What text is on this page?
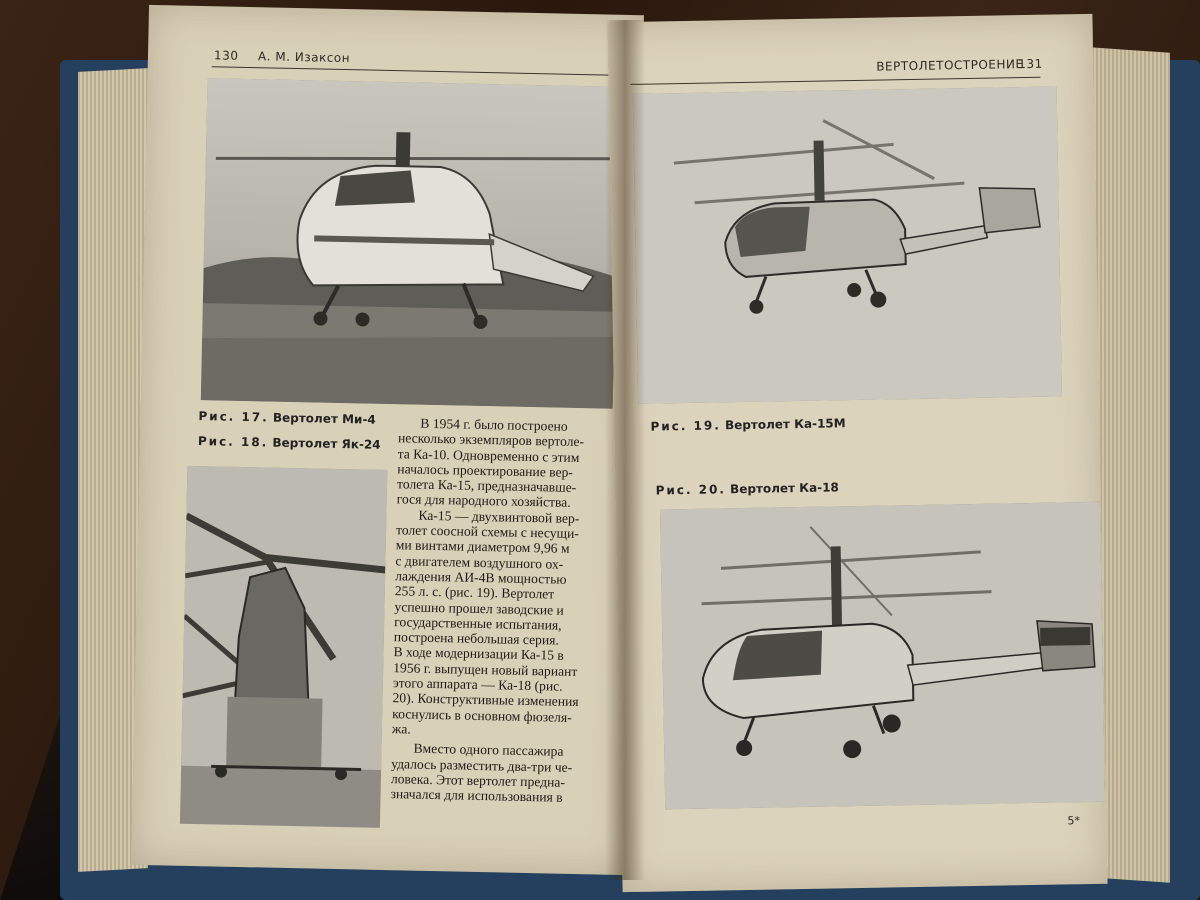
130 А. М. Изаксон
Рис. 17. Вертолет Ми-4
Рис. 18. Вертолет Як-24
В 1954 г. было построено
несколько экземпляров вертоле-
та Ка-10. Одновременно с этим
началось проектирование вер-
толета Ка-15, предназначавше-
гося для народного хозяйства.
Ка-15 — двухвинтовой вер-
толет соосной схемы с несущи-
ми винтами диаметром 9,96 м
с двигателем воздушного ох-
лаждения АИ-4В мощностью
255 л. с. (рис. 19). Вертолет
успешно прошел заводские и
государственные испытания,
построена небольшая серия.
В ходе модернизации Ка-15 в
1956 г. выпущен новый вариант
этого аппарата — Ка-18 (рис.
20). Конструктивные изменения
коснулись в основном фюзеля-
жа.
Вместо одного пассажира
удалось разместить два-три че-
ловека. Этот вертолет предна-
значался для использования в
ВЕРТОЛЕТОСТРОЕНИЕ
131
Рис. 19. Вертолет Ка-15М
Рис. 20. Вертолет Ка-18
5*
